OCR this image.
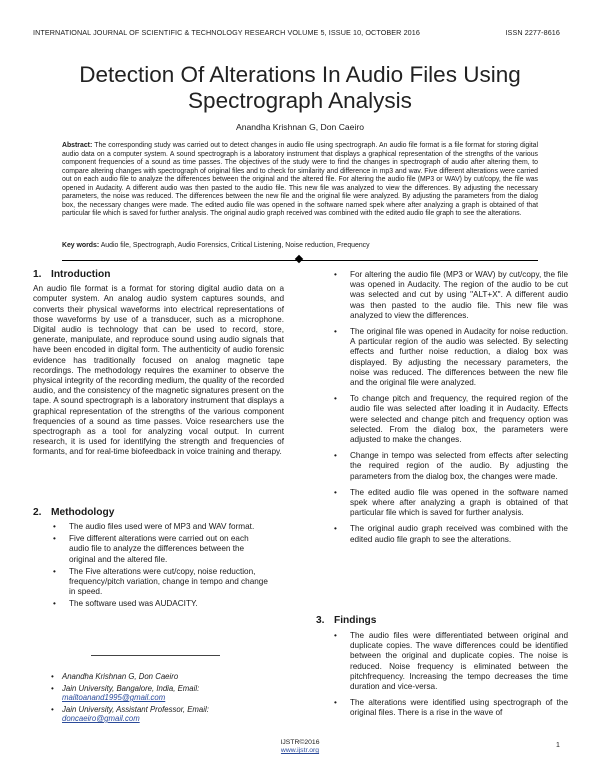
INTERNATIONAL JOURNAL OF SCIENTIFIC & TECHNOLOGY RESEARCH VOLUME 5, ISSUE 10, OCTOBER 2016	ISSN 2277-8616
Detection Of Alterations In Audio Files Using
Spectrograph Analysis
Anandha Krishnan G, Don Caeiro
Abstract: The corresponding study was carried out to detect changes in audio file using spectrograph. An audio file format is a file format for storing digital audio data on a computer system. A sound spectrograph is a laboratory instrument that displays a graphical representation of the strengths of the various component frequencies of a sound as time passes. The objectives of the study were to find the changes in spectrograph of audio after altering them, to compare altering changes with spectrograph of original files and to check for similarity and difference in mp3 and wav. Five different alterations were carried out on each audio file to analyze the differences between the original and the altered file. For altering the audio file (MP3 or WAV) by cut/copy, the file was opened in Audacity. A different audio was then pasted to the audio file. This new file was analyzed to view the differences. By adjusting the necessary parameters, the noise was reduced. The differences between the new file and the original file were analyzed. By adjusting the parameters from the dialog box, the necessary changes were made. The edited audio file was opened in the software named spek where after analyzing a graph is obtained of that particular file which is saved for further analysis. The original audio graph received was combined with the edited audio file graph to see the alterations.
Key words: Audio file, Spectrograph, Audio Forensics, Critical Listening, Noise reduction, Frequency
1. Introduction
An audio file format is a format for storing digital audio data on a computer system. An analog audio system captures sounds, and converts their physical waveforms into electrical representations of those waveforms by use of a transducer, such as a microphone. Digital audio is technology that can be used to record, store, generate, manipulate, and reproduce sound using audio signals that have been encoded in digital form. The authenticity of audio forensic evidence has traditionally focused on analog magnetic tape recordings. The methodology requires the examiner to observe the physical integrity of the recording medium, the quality of the recorded audio, and the consistency of the magnetic signatures present on the tape. A sound spectrograph is a laboratory instrument that displays a graphical representation of the strengths of the various component frequencies of a sound as time passes. Voice researchers use the spectrograph as a tool for analyzing vocal output. In current research, it is used for identifying the strength and frequencies of formants, and for real-time biofeedback in voice training and therapy.
2. Methodology
• The audio files used were of MP3 and WAV format.
• Five different alterations were carried out on each audio file to analyze the differences between the original and the altered file.
• The Five alterations were cut/copy, noise reduction, frequency/pitch variation, change in tempo and change in speed.
• The software used was AUDACITY.
• Anandha Krishnan G, Don Caeiro
• Jain University, Bangalore, India, Email:
mailtoanand1995@gmail.com
• Jain University, Assistant Professor, Email:
doncaeiro@gmail.com
• For altering the audio file (MP3 or WAV) by cut/copy, the file was opened in Audacity. The region of the audio to be cut was selected and cut by using "ALT+X". A different audio was then pasted to the audio file. This new file was analyzed to view the differences.
• The original file was opened in Audacity for noise reduction. A particular region of the audio was selected. By selecting effects and further noise reduction, a dialog box was displayed. By adjusting the necessary parameters, the noise was reduced. The differences between the new file and the original file were analyzed.
• To change pitch and frequency, the required region of the audio file was selected after loading it in Audacity. Effects were selected and change pitch and frequency option was selected. From the dialog box, the parameters were adjusted to make the changes.
• Change in tempo was selected from effects after selecting the required region of the audio. By adjusting the parameters from the dialog box, the changes were made.
• The edited audio file was opened in the software named spek where after analyzing a graph is obtained of that particular file which is saved for further analysis.
• The original audio graph received was combined with the edited audio file graph to see the alterations.
3. Findings
• The audio files were differentiated between original and duplicate copies. The wave differences could be identified between the original and duplicate copies. The noise is reduced. Noise frequency is eliminated between the pitchfrequency. Increasing the tempo decreases the time duration and vice-versa.
• The alterations were identified using spectrograph of the original files. There is a rise in the wave of
IJSTR©2016
www.ijstr.org
1
